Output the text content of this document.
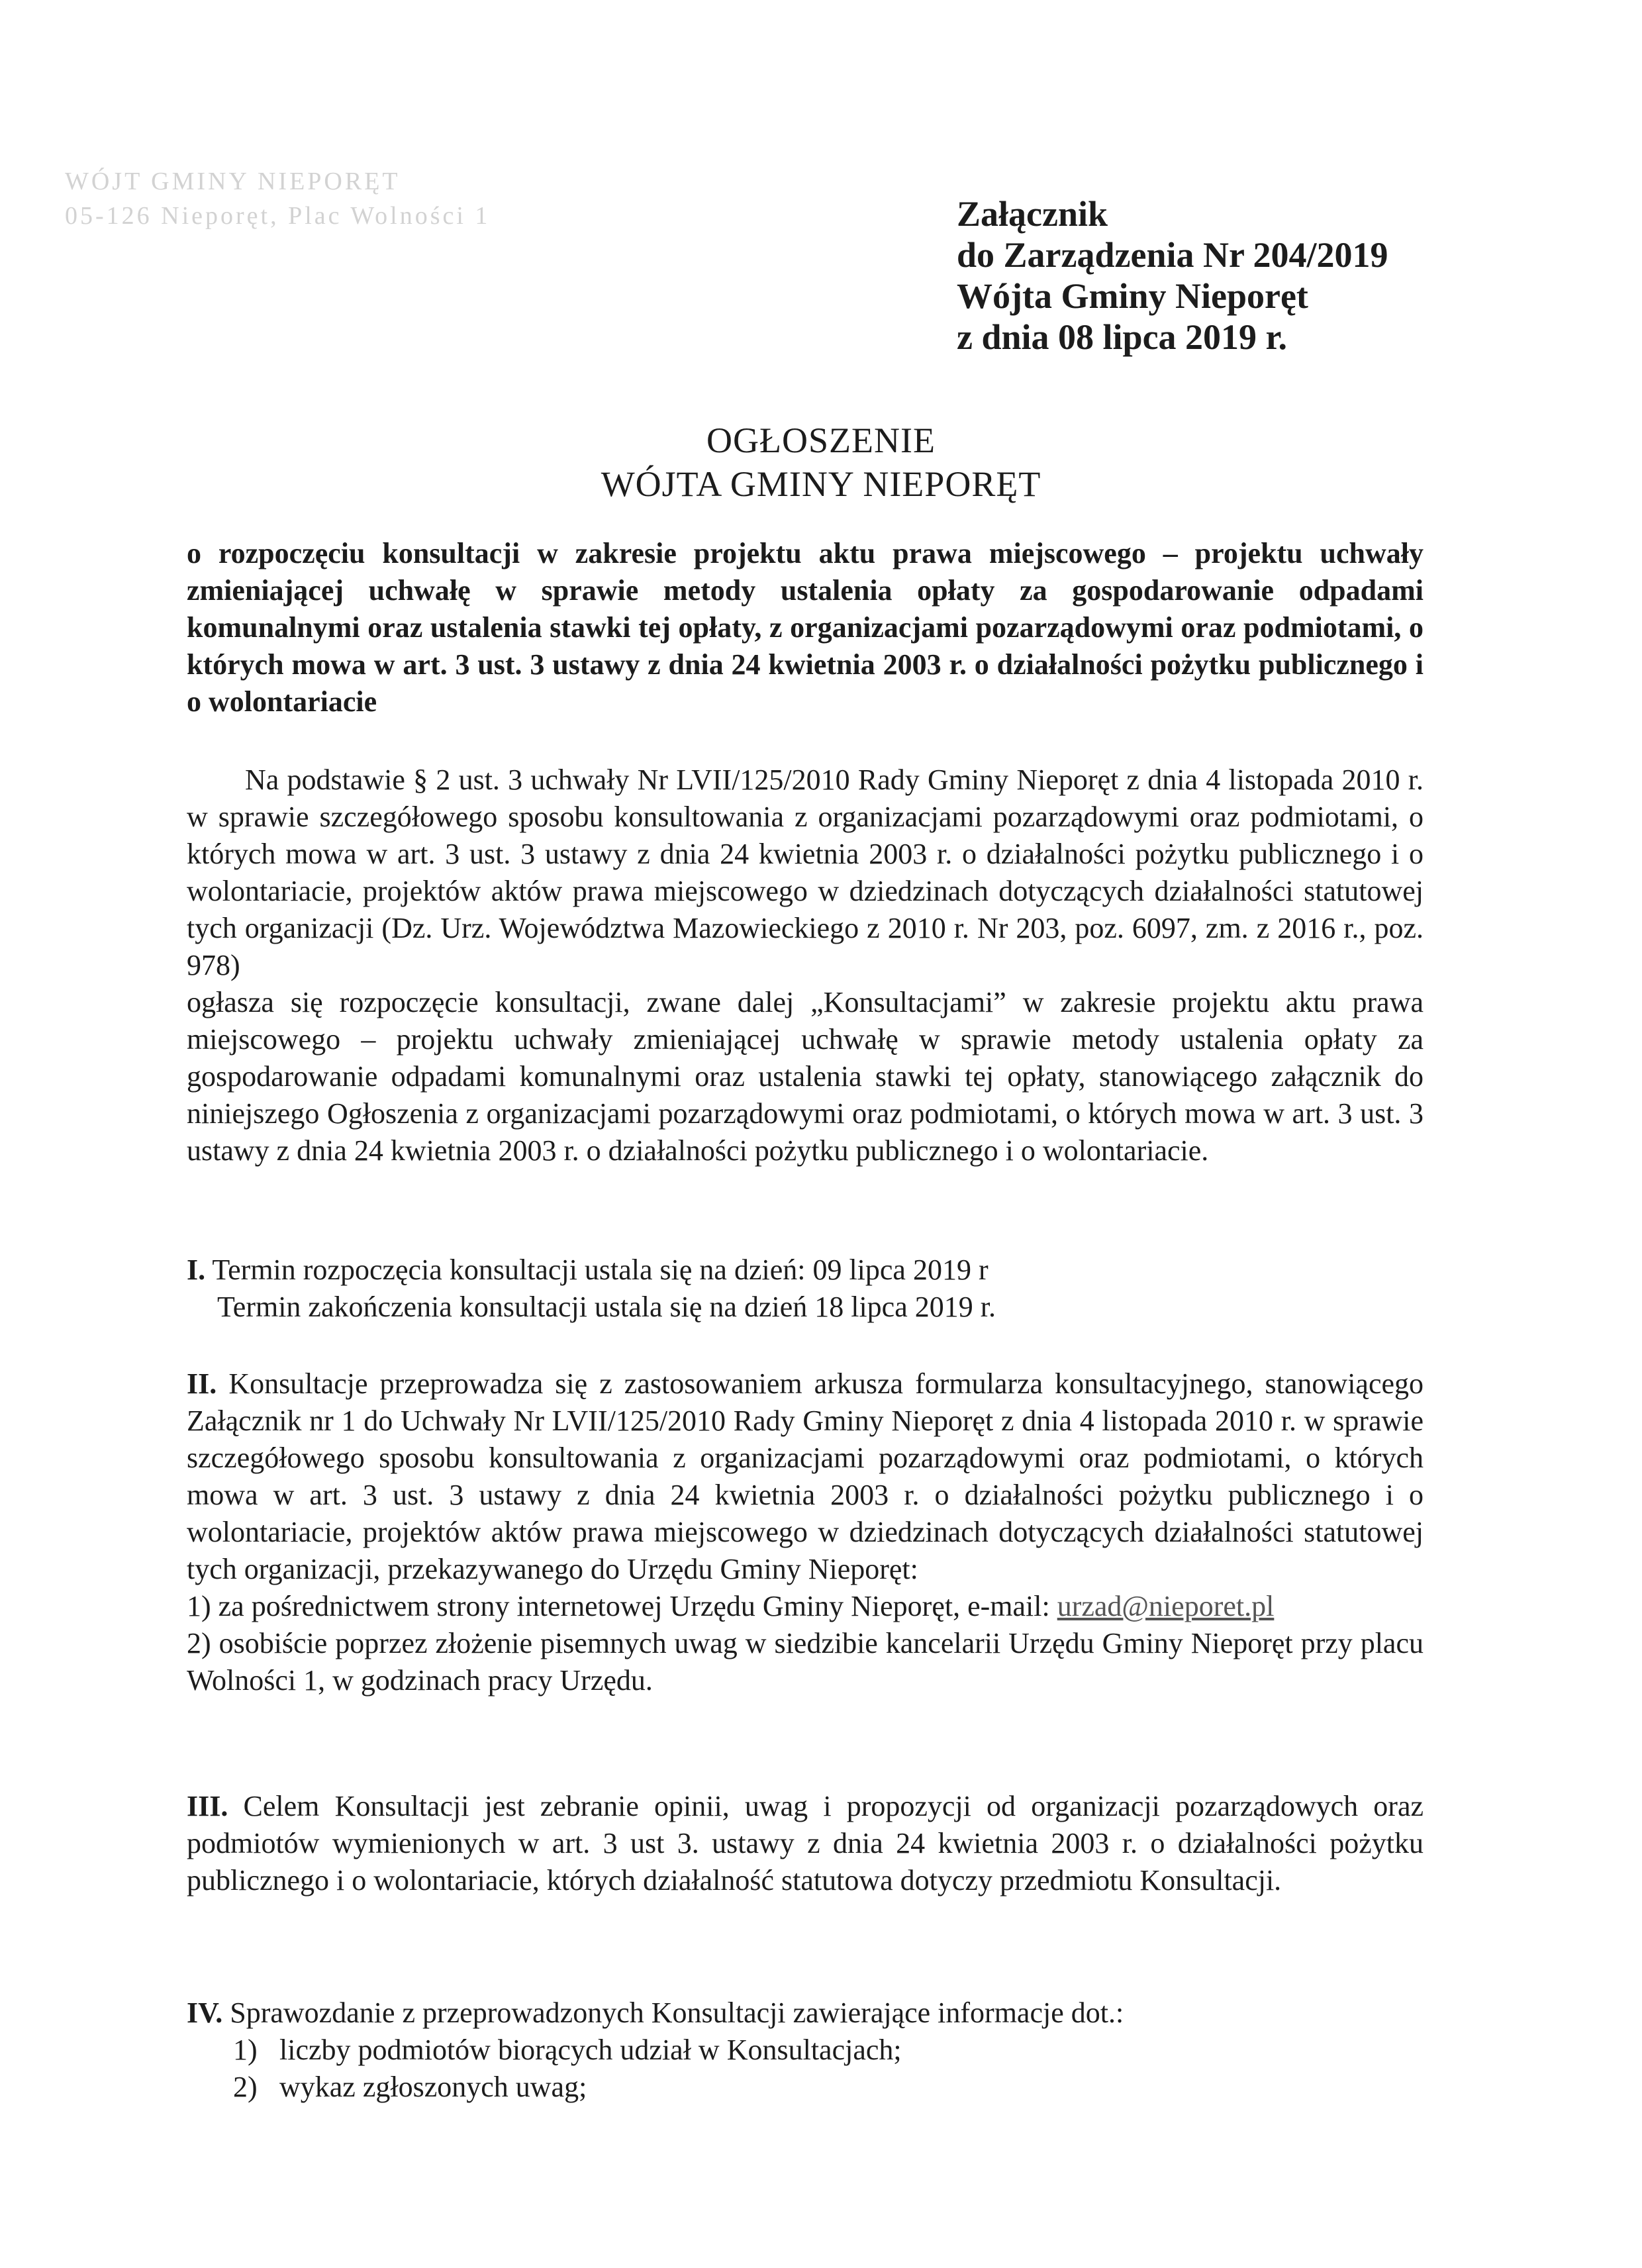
WÓJT GMINY NIEPORĘT
05-126 Nieporęt, Plac Wolności 1	Załącznik
do Zarządzenia Nr 204/2019
Wójta Gminy Nieporęt
z dnia 08 lipca 2019 r.
OGŁOSZENIE
WÓJTA GMINY NIEPORĘT
o rozpoczęciu konsultacji w zakresie projektu aktu prawa miejscowego – projektu uchwały zmieniającej uchwałę w sprawie metody ustalenia opłaty za gospodarowanie odpadami komunalnymi oraz ustalenia stawki tej opłaty, z organizacjami pozarządowymi oraz podmiotami, o których mowa w art. 3 ust. 3 ustawy z dnia 24 kwietnia 2003 r. o działalności pożytku publicznego i o wolontariacie
Na podstawie § 2 ust. 3 uchwały Nr LVII/125/2010 Rady Gminy Nieporęt z dnia 4 listopada 2010 r. w sprawie szczegółowego sposobu konsultowania z organizacjami pozarządowymi oraz podmiotami, o których mowa w art. 3 ust. 3 ustawy z dnia 24 kwietnia 2003 r. o działalności pożytku publicznego i o wolontariacie, projektów aktów prawa miejscowego w dziedzinach dotyczących działalności statutowej tych organizacji (Dz. Urz. Województwa Mazowieckiego z 2010 r. Nr 203, poz. 6097, zm. z 2016 r., poz. 978)
ogłasza się rozpoczęcie konsultacji, zwane dalej „Konsultacjami” w zakresie projektu aktu prawa miejscowego – projektu uchwały zmieniającej uchwałę w sprawie metody ustalenia opłaty za gospodarowanie odpadami komunalnymi oraz ustalenia stawki tej opłaty, stanowiącego załącznik do niniejszego Ogłoszenia z organizacjami pozarządowymi oraz podmiotami, o których mowa w art. 3 ust. 3 ustawy z dnia 24 kwietnia 2003 r. o działalności pożytku publicznego i o wolontariacie.
I. Termin rozpoczęcia konsultacji ustala się na dzień: 09 lipca 2019 r
Termin zakończenia konsultacji ustala się na dzień 18 lipca 2019 r.
II. Konsultacje przeprowadza się z zastosowaniem arkusza formularza konsultacyjnego, stanowiącego Załącznik nr 1 do Uchwały Nr LVII/125/2010 Rady Gminy Nieporęt z dnia 4 listopada 2010 r. w sprawie szczegółowego sposobu konsultowania z organizacjami pozarządowymi oraz podmiotami, o których mowa w art. 3 ust. 3 ustawy z dnia 24 kwietnia 2003 r. o działalności pożytku publicznego i o wolontariacie, projektów aktów prawa miejscowego w dziedzinach dotyczących działalności statutowej tych organizacji, przekazywanego do Urzędu Gminy Nieporęt:
1) za pośrednictwem strony internetowej Urzędu Gminy Nieporęt, e-mail: urzad@nieporet.pl
2) osobiście poprzez złożenie pisemnych uwag w siedzibie kancelarii Urzędu Gminy Nieporęt przy placu Wolności 1, w godzinach pracy Urzędu.
III. Celem Konsultacji jest zebranie opinii, uwag i propozycji od organizacji pozarządowych oraz podmiotów wymienionych w art. 3 ust 3. ustawy z dnia 24 kwietnia 2003 r. o działalności pożytku publicznego i o wolontariacie, których działalność statutowa dotyczy przedmiotu Konsultacji.
IV. Sprawozdanie z przeprowadzonych Konsultacji zawierające informacje dot.:
1) liczby podmiotów biorących udział w Konsultacjach;
2) wykaz zgłoszonych uwag;
